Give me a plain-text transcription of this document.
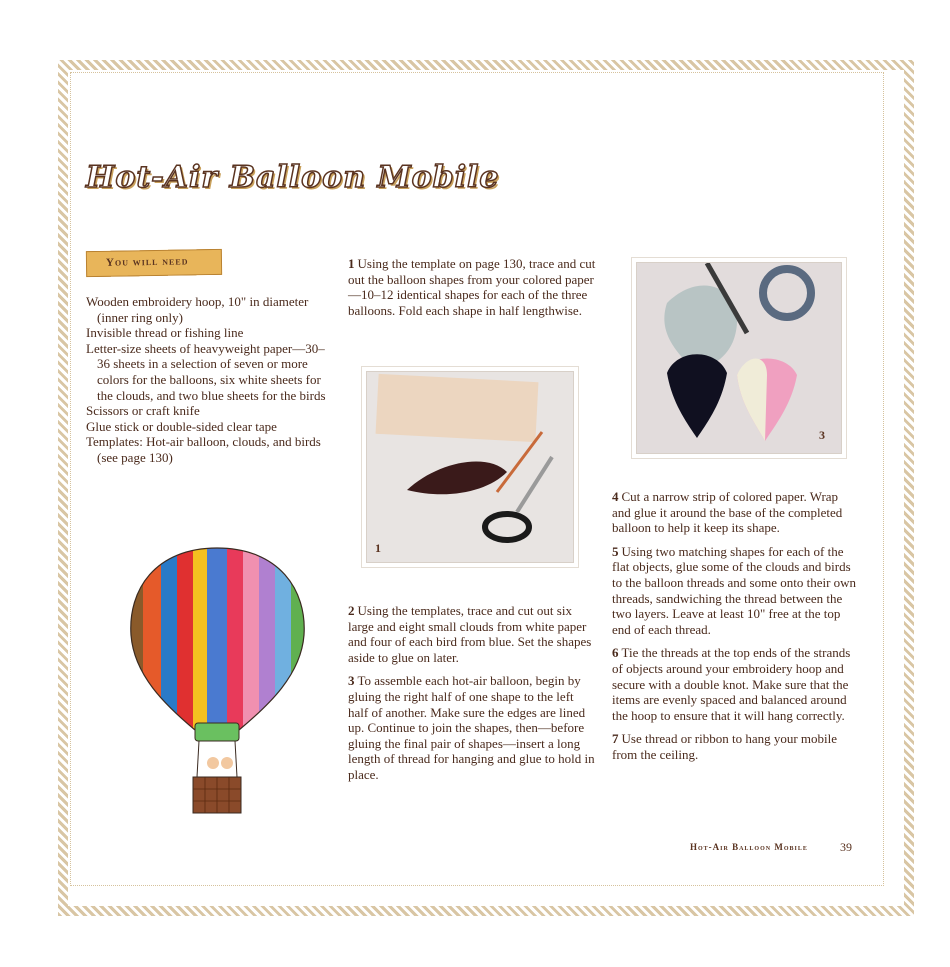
Hot-Air Balloon Mobile
You will need
Wooden embroidery hoop, 10" in diameter (inner ring only)
Invisible thread or fishing line
Letter-size sheets of heavyweight paper—30–36 sheets in a selection of seven or more colors for the balloons, six white sheets for the clouds, and two blue sheets for the birds
Scissors or craft knife
Glue stick or double-sided clear tape
Templates: Hot-air balloon, clouds, and birds (see page 130)

1 Using the template on page 130, trace and cut out the balloon shapes from your colored paper—10–12 identical shapes for each of the three balloons. Fold each shape in half lengthwise.

1

2 Using the templates, trace and cut out six large and eight small clouds from white paper and four of each bird from blue. Set the shapes aside to glue on later.

3 To assemble each hot-air balloon, begin by gluing the right half of one shape to the left half of another. Make sure the edges are lined up. Continue to join the shapes, then—before gluing the final pair of shapes—insert a long length of thread for hanging and glue to hold in place.

3

4 Cut a narrow strip of colored paper. Wrap and glue it around the base of the completed balloon to help it keep its shape.

5 Using two matching shapes for each of the flat objects, glue some of the clouds and birds to the balloon threads and some onto their own threads, sandwiching the thread between the two layers. Leave at least 10" free at the top end of each thread.

6 Tie the threads at the top ends of the strands of objects around your embroidery hoop and secure with a double knot. Make sure that the items are evenly spaced and balanced around the hoop to ensure that it will hang correctly.

7 Use thread or ribbon to hang your mobile from the ceiling.

Hot-Air Balloon Mobile	39
